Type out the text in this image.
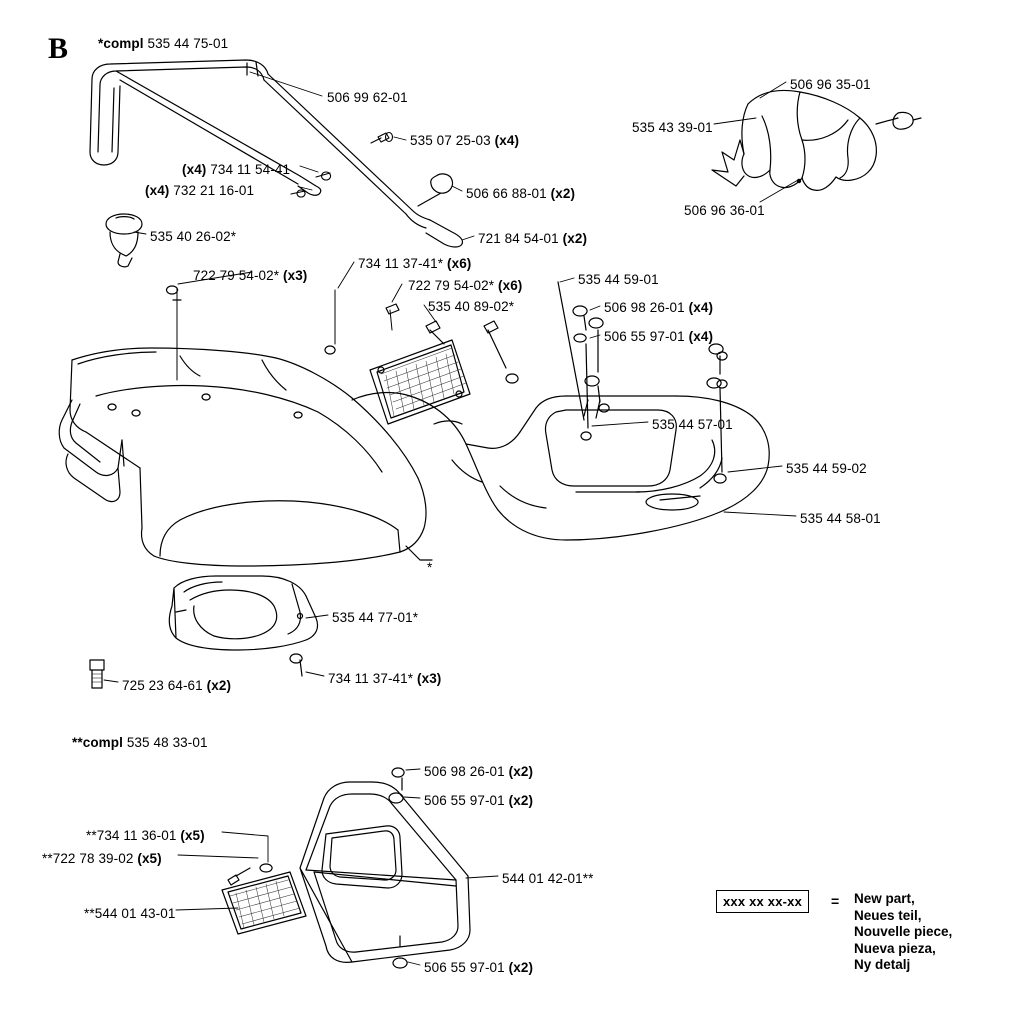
B *compl 535 44 75-01
**compl 535 48 33-01
506 99 62-01
535 07 25-03 (x4)
(x4) 734 11 54-41
(x4) 732 21 16-01	506 66 88-01 (x2)
721 84 54-01 (x2)
535 40 26-02*
722 79 54-02* (x3)
734 11 37-41* (x6)
722 79 54-02* (x6)
535 40 89-02*
535 44 59-01
506 98 26-01 (x4)
506 55 97-01 (x4)
535 44 57-01
535 44 59-02
535 44 58-01
535 44 77-01*
725 23 64-61 (x2)	734 11 37-41* (x3)
506 96 35-01
535 43 39-01
506 96 36-01
506 98 26-01 (x2)
506 55 97-01 (x2)
**734 11 36-01 (x5)
**722 78 39-02 (x5)
**544 01 43-01
544 01 42-01**
506 55 97-01 (x2)
*
xxx xx xx-xx	= New part,
Neues teil,
Nouvelle piece,
Nueva pieza,
Ny detalj
